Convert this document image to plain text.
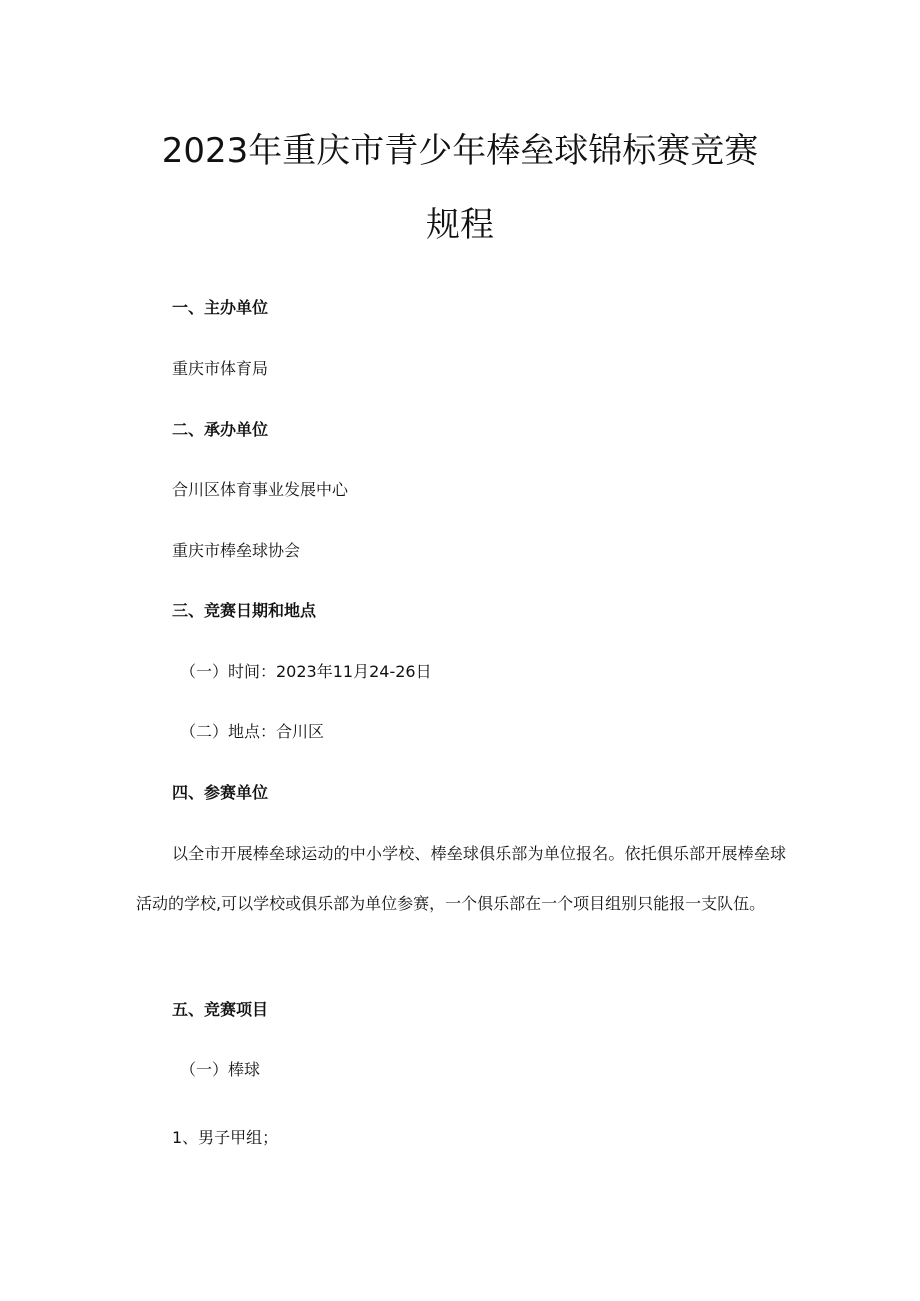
2023年重庆市青少年棒垒球锦标赛竞赛
规程

一、主办单位

重庆市体育局

二、承办单位

合川区体育事业发展中心

重庆市棒垒球协会

三、竞赛日期和地点

（一）时间：2023年11月24-26日

（二）地点：合川区

四、参赛单位

以全市开展棒垒球运动的中小学校、棒垒球俱乐部为单位报名。依托俱乐部开展棒垒球活动的学校,可以学校或俱乐部为单位参赛，一个俱乐部在一个项目组别只能报一支队伍。

五、竞赛项目

（一）棒球

1、男子甲组；
